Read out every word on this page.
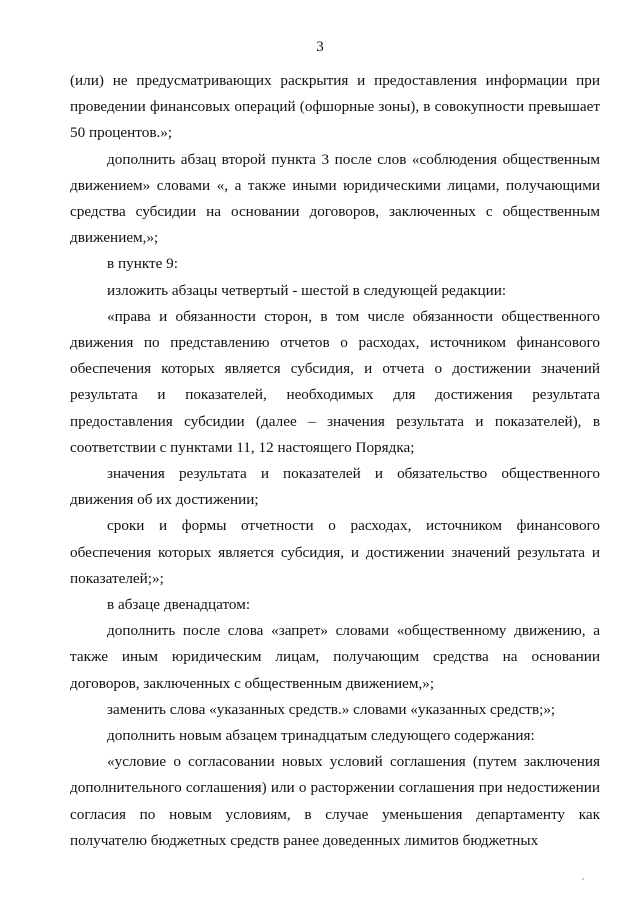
3

(или) не предусматривающих раскрытия и предоставления информации при проведении финансовых операций (офшорные зоны), в совокупности превышает 50 процентов.»;

дополнить абзац второй пункта 3 после слов «соблюдения общественным движением» словами «, а также иными юридическими лицами, получающими средства субсидии на основании договоров, заключенных с общественным движением,»;

в пункте 9:

изложить абзацы четвертый - шестой в следующей редакции:

«права и обязанности сторон, в том числе обязанности общественного движения по представлению отчетов о расходах, источником финансового обеспечения которых является субсидия, и отчета о достижении значений результата и показателей, необходимых для достижения результата предоставления субсидии (далее – значения результата и показателей), в соответствии с пунктами 11, 12 настоящего Порядка;

значения результата и показателей и обязательство общественного движения об их достижении;

сроки и формы отчетности о расходах, источником финансового обеспечения которых является субсидия, и достижении значений результата и показателей;»;

в абзаце двенадцатом:

дополнить после слова «запрет» словами «общественному движению, а также иным юридическим лицам, получающим средства на основании договоров, заключенных с общественным движением,»;

заменить слова «указанных средств.» словами «указанных средств;»;

дополнить новым абзацем тринадцатым следующего содержания:

«условие о согласовании новых условий соглашения (путем заключения дополнительного соглашения) или о расторжении соглашения при недостижении согласия по новым условиям, в случае уменьшения департаменту как получателю бюджетных средств ранее доведенных лимитов бюджетных
